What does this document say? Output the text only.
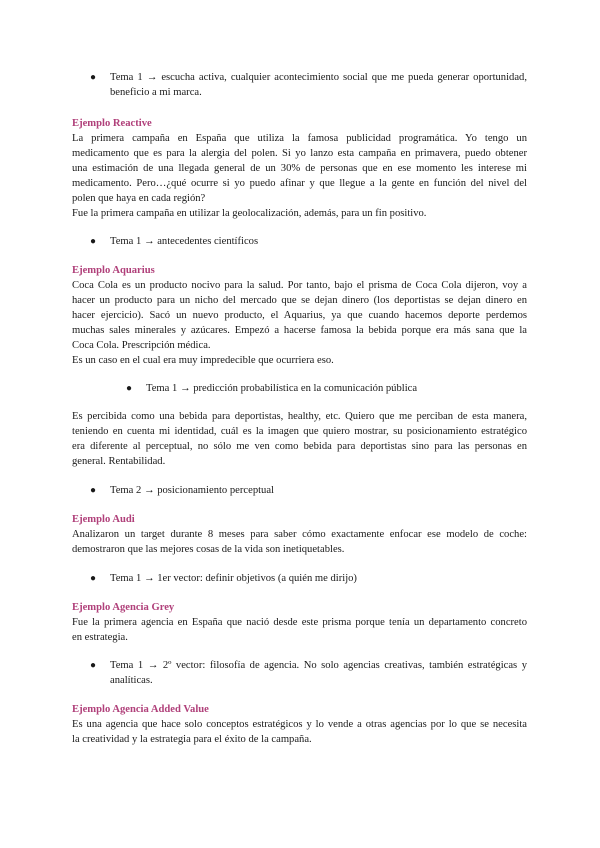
●	Tema 1 → escucha activa, cualquier acontecimiento social que me pueda generar oportunidad, beneficio a mi marca.
Ejemplo Reactive
La primera campaña en España que utiliza la famosa publicidad programática. Yo tengo un
medicamento que es para la alergia del polen. Si yo lanzo esta campaña en primavera, puedo obtener
una estimación de una llegada general de un 30% de personas que en ese momento les interese mi
medicamento. Pero…¿qué ocurre si yo puedo afinar y que llegue a la gente en función del nivel del
polen que haya en cada región?
Fue la primera campaña en utilizar la geolocalización, además, para un fin positivo.
●	Tema 1 → antecedentes científicos
Ejemplo Aquarius
Coca Cola es un producto nocivo para la salud. Por tanto, bajo el prisma de Coca Cola dijeron, voy a
hacer un producto para un nicho del mercado que se dejan dinero (los deportistas se dejan dinero en
hacer ejercicio). Sacó un nuevo producto, el Aquarius, ya que cuando hacemos deporte perdemos
muchas sales minerales y azúcares. Empezó a hacerse famosa la bebida porque era más sana que la
Coca Cola. Prescripción médica.
Es un caso en el cual era muy impredecible que ocurriera eso.
●	Tema 1 → predicción probabilística en la comunicación pública
Es percibida como una bebida para deportistas, healthy, etc. Quiero que me perciban de esta manera,
teniendo en cuenta mi identidad, cuál es la imagen que quiero mostrar, su posicionamiento estratégico
era diferente al perceptual, no sólo me ven como bebida para deportistas sino para las personas en
general. Rentabilidad.
●	Tema 2 → posicionamiento perceptual
Ejemplo Audi
Analizaron un target durante 8 meses para saber cómo exactamente enfocar ese modelo de coche:
demostraron que las mejores cosas de la vida son inetiquetables.
●	Tema 1 → 1er vector: definir objetivos (a quién me dirijo)
Ejemplo Agencia Grey
Fue la primera agencia en España que nació desde este prisma porque tenía un departamento concreto
en estrategia.
●	Tema 1 → 2º vector: filosofía de agencia. No solo agencias creativas, también estratégicas y analíticas.
Ejemplo Agencia Added Value
Es una agencia que hace solo conceptos estratégicos y lo vende a otras agencias por lo que se necesita
la creatividad y la estrategia para el éxito de la campaña.
